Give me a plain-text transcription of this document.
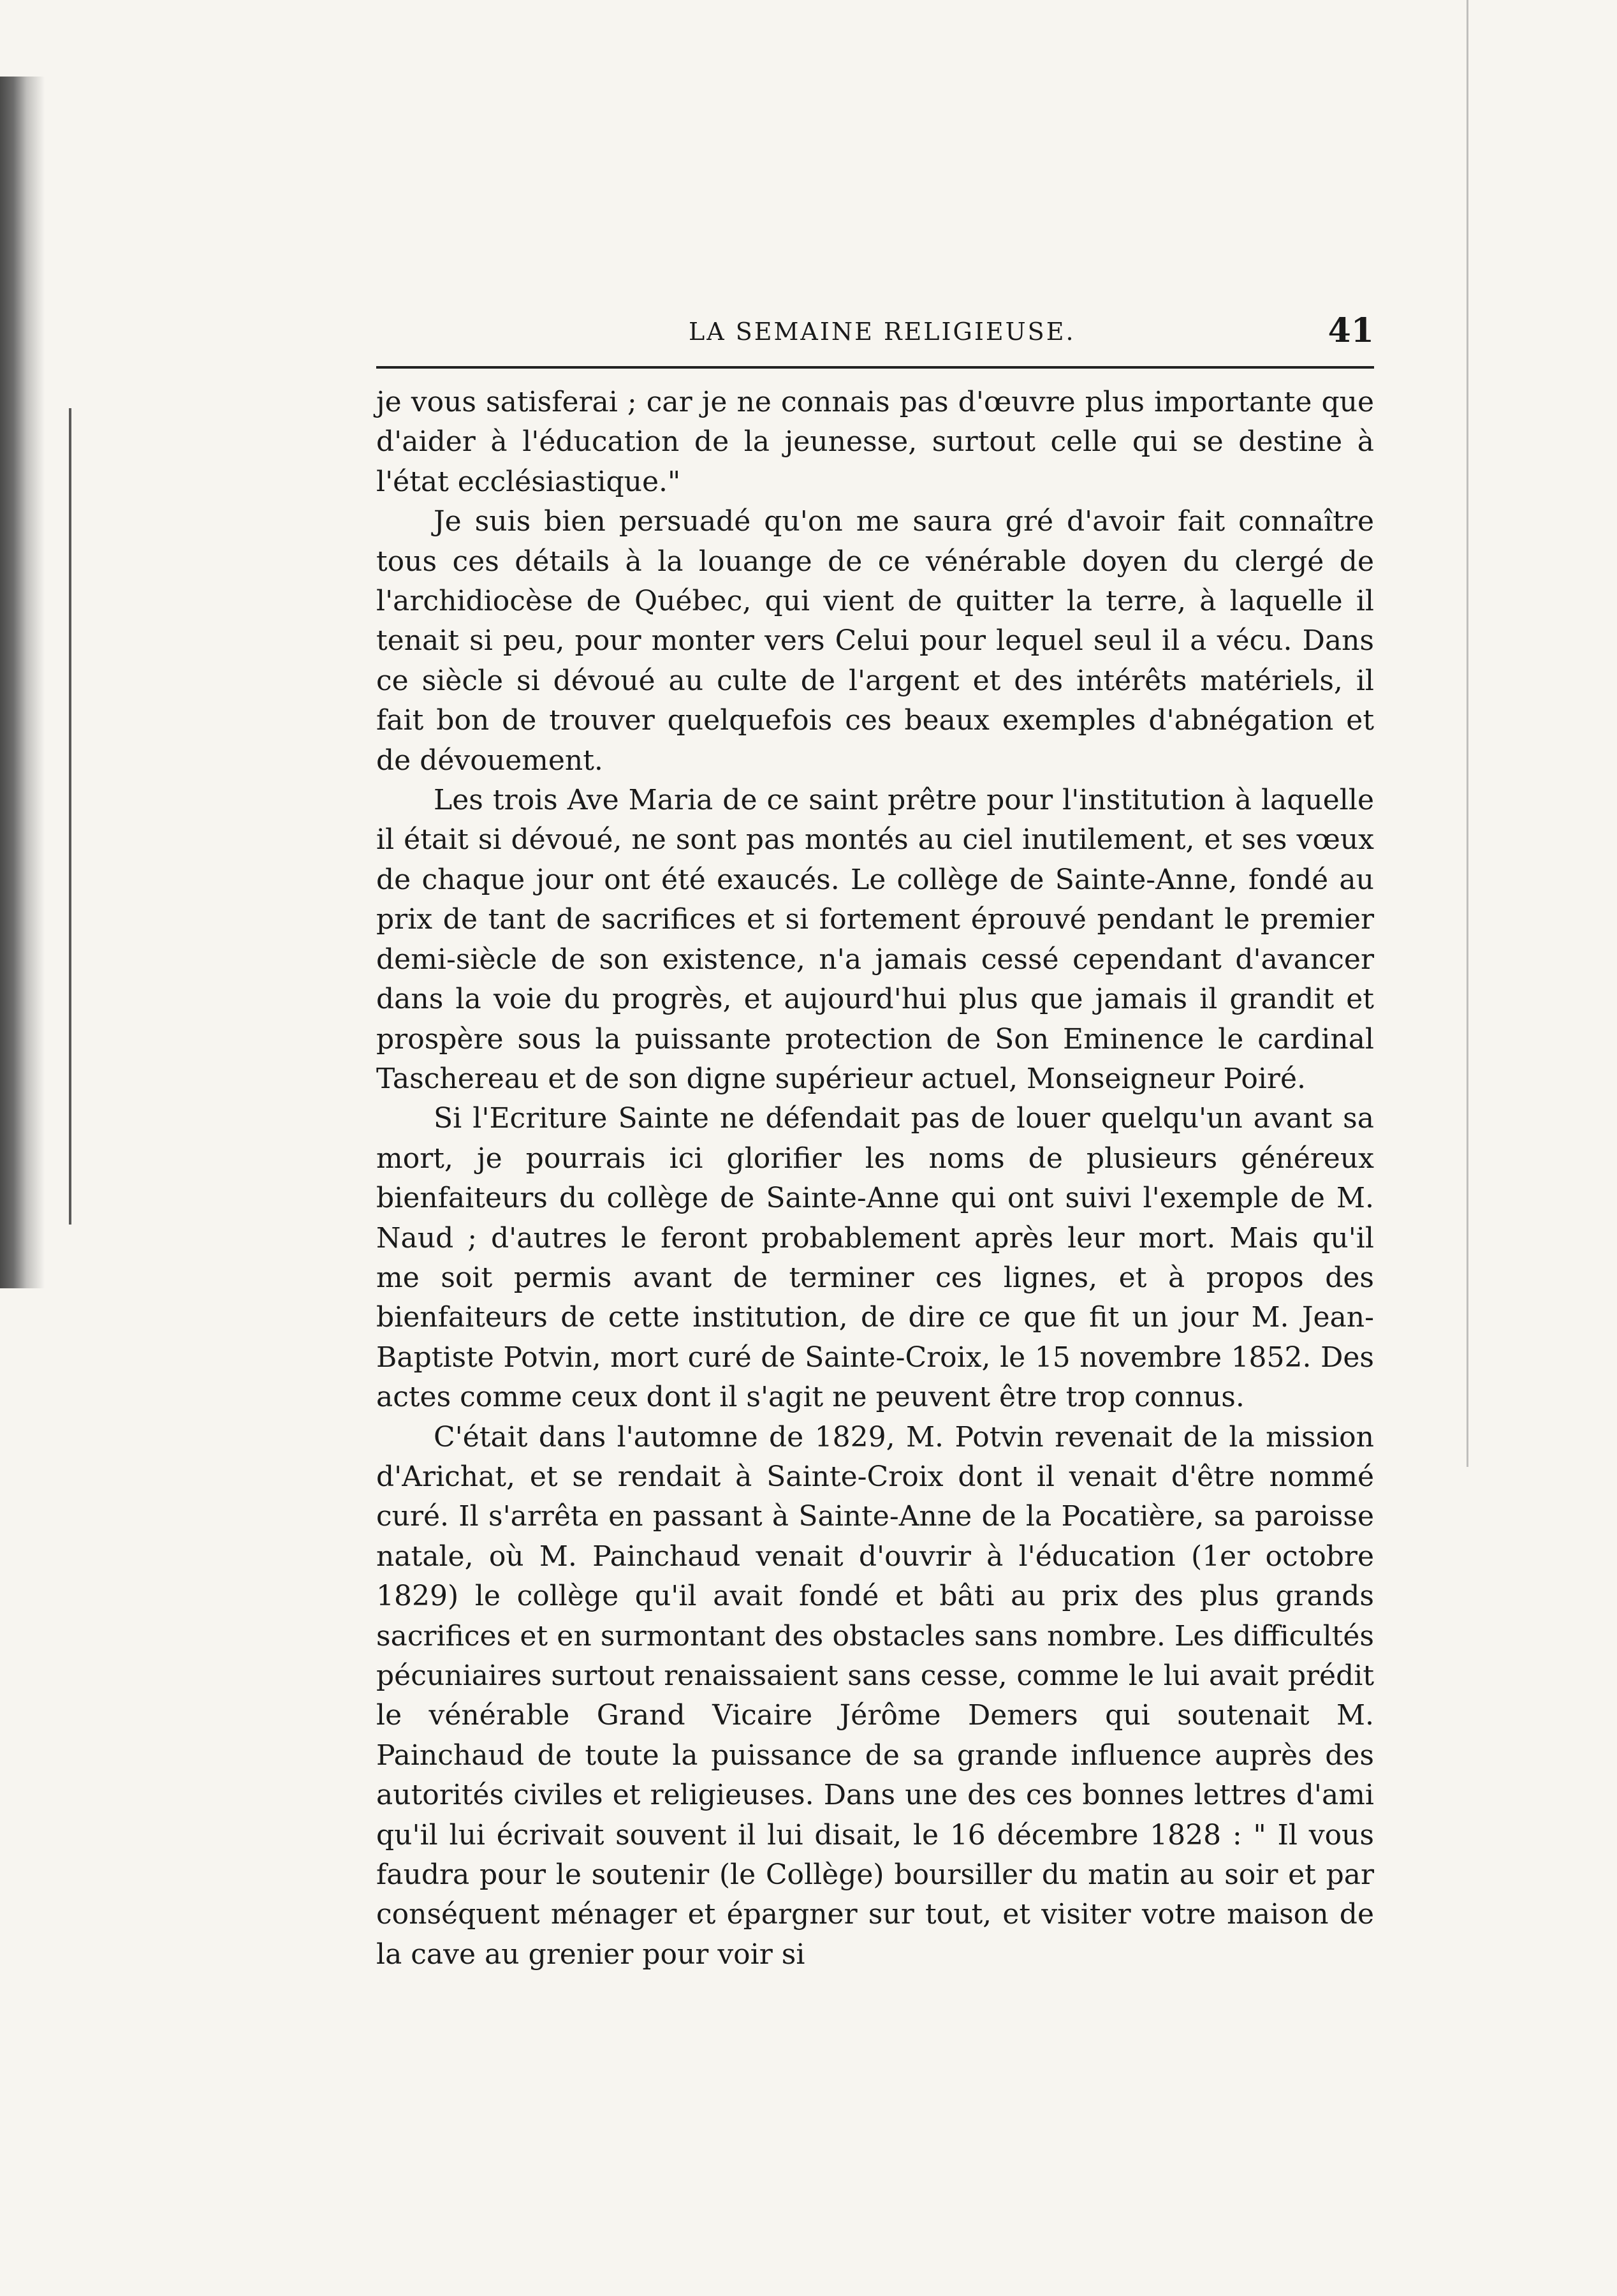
LA SEMAINE RELIGIEUSE.	41

je vous satisferai ; car je ne connais pas d'œuvre plus importante que d'aider à l'éducation de la jeunesse, surtout celle qui se destine à l'état ecclésiastique."

Je suis bien persuadé qu'on me saura gré d'avoir fait connaître tous ces détails à la louange de ce vénérable doyen du clergé de l'archidiocèse de Québec, qui vient de quitter la terre, à laquelle il tenait si peu, pour monter vers Celui pour lequel seul il a vécu. Dans ce siècle si dévoué au culte de l'argent et des intérêts matériels, il fait bon de trouver quelquefois ces beaux exemples d'abnégation et de dévouement.

Les trois Ave Maria de ce saint prêtre pour l'institution à laquelle il était si dévoué, ne sont pas montés au ciel inutilement, et ses vœux de chaque jour ont été exaucés. Le collège de Sainte-Anne, fondé au prix de tant de sacrifices et si fortement éprouvé pendant le premier demi-siècle de son existence, n'a jamais cessé cependant d'avancer dans la voie du progrès, et aujourd'hui plus que jamais il grandit et prospère sous la puissante protection de Son Eminence le cardinal Taschereau et de son digne supérieur actuel, Monseigneur Poiré.

Si l'Ecriture Sainte ne défendait pas de louer quelqu'un avant sa mort, je pourrais ici glorifier les noms de plusieurs généreux bienfaiteurs du collège de Sainte-Anne qui ont suivi l'exemple de M. Naud ; d'autres le feront probablement après leur mort. Mais qu'il me soit permis avant de terminer ces lignes, et à propos des bienfaiteurs de cette institution, de dire ce que fit un jour M. Jean-Baptiste Potvin, mort curé de Sainte-Croix, le 15 novembre 1852. Des actes comme ceux dont il s'agit ne peuvent être trop connus.

C'était dans l'automne de 1829, M. Potvin revenait de la mission d'Arichat, et se rendait à Sainte-Croix dont il venait d'être nommé curé. Il s'arrêta en passant à Sainte-Anne de la Pocatière, sa paroisse natale, où M. Painchaud venait d'ouvrir à l'éducation (1er octobre 1829) le collège qu'il avait fondé et bâti au prix des plus grands sacrifices et en surmontant des obstacles sans nombre. Les difficultés pécuniaires surtout renaissaient sans cesse, comme le lui avait prédit le vénérable Grand Vicaire Jérôme Demers qui soutenait M. Painchaud de toute la puissance de sa grande influence auprès des autorités civiles et religieuses. Dans une des ces bonnes lettres d'ami qu'il lui écrivait souvent il lui disait, le 16 décembre 1828 : " Il vous faudra pour le soutenir (le Collège) boursiller du matin au soir et par conséquent ménager et épargner sur tout, et visiter votre maison de la cave au grenier pour voir si
